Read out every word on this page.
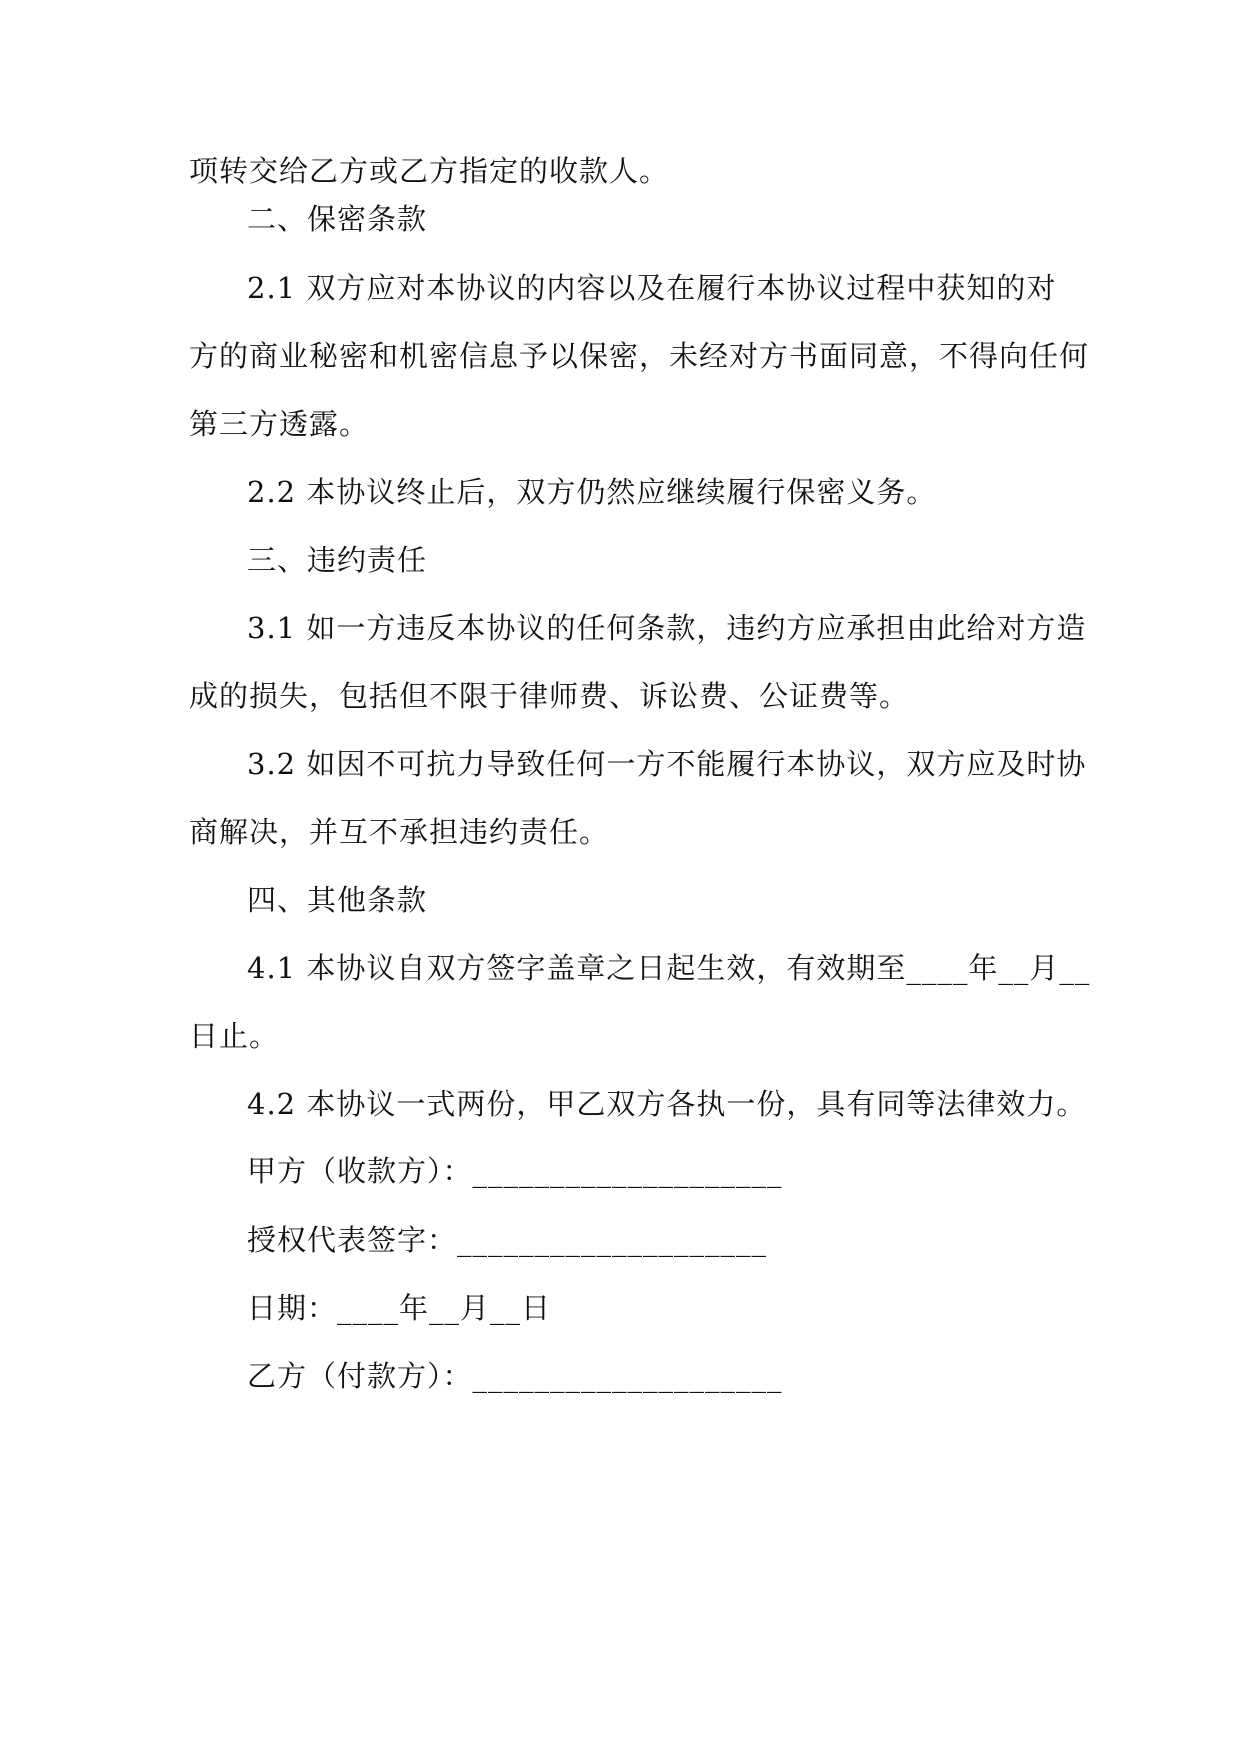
项转交给乙方或乙方指定的收款人。
二、保密条款
2.1 双方应对本协议的内容以及在履行本协议过程中获知的对
方的商业秘密和机密信息予以保密，未经对方书面同意，不得向任何
第三方透露。
2.2 本协议终止后，双方仍然应继续履行保密义务。
三、违约责任
3.1 如一方违反本协议的任何条款，违约方应承担由此给对方造
成的损失，包括但不限于律师费、诉讼费、公证费等。
3.2 如因不可抗力导致任何一方不能履行本协议，双方应及时协
商解决，并互不承担违约责任。
四、其他条款
4.1 本协议自双方签字盖章之日起生效，有效期至____年__月__
日止。
4.2 本协议一式两份，甲乙双方各执一份，具有同等法律效力。
甲方（收款方）：____________________
授权代表签字：____________________
日期：____年__月__日
乙方（付款方）：____________________
